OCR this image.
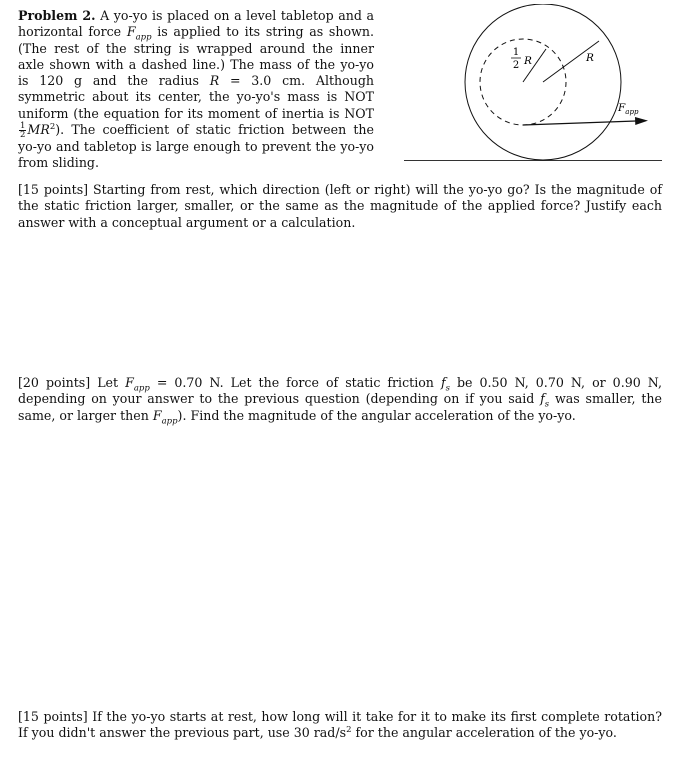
Problem 2. A yo-yo is placed on a level tabletop and a horizontal force $F_{app}$ is applied to its string as shown. (The rest of the string is wrapped around the inner axle shown with a dashed line.) The mass of the yo-yo is 120 g and the radius R = 3.0 cm. Although symmetric about its center, the yo-yo's mass is NOT uniform (the equation for its moment of inertia is NOT
$\frac{1}{2} MR^2$). The coefficient of static friction between the yo-yo and tabletop is large enough to prevent the yo-yo from sliding.
1
2 R	R
$F_{app}$
[15 points] Starting from rest, which direction (left or right) will the yo-yo go? Is the magnitude of the static friction larger, smaller, or the same as the magnitude of the applied force? Justify each answer with a conceptual argument or a calculation.
[20 points] Let $F_{app} = 0.70$ N. Let the force of static friction $f_s$ be 0.50 N, 0.70 N, or 0.90 N, depending on your answer to the previous question (depending on if you said $f_s$ was smaller, the same, or larger then $F_{app}$). Find the magnitude of the angular acceleration of the yo-yo.
[15 points] If the yo-yo starts at rest, how long will it take for it to make its first complete rotation? If you didn't answer the previous part, use 30 rad/$s^2$ for the angular acceleration of the yo-yo.
